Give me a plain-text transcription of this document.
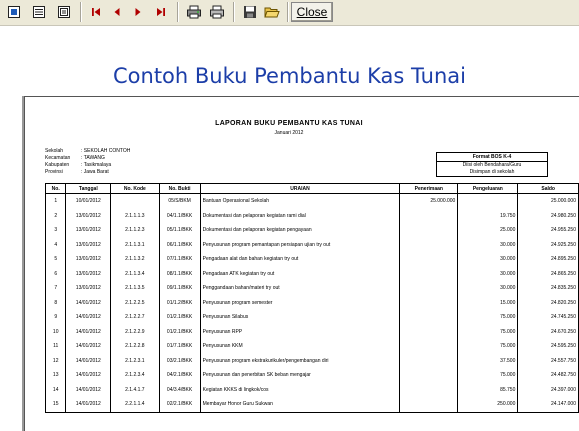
Close
Contoh Buku Pembantu Kas Tunai
LAPORAN BUKU PEMBANTU KAS TUNAI
Januari 2012
Sekolah	: SEKOLAH CONTOH
Kecamatan : TAWANG
Kabupaten : Tasikmalaya
Provinsi	: Jawa Barat
Format BOS K-4
Diisi oleh Bendahara/Guru
Disimpan di sekolah
No.	Tanggal	No. Kode	No. Bukti	URAIAN	Penerimaan	Pengeluaran	Saldo
1	10/01/2012		05/S/BKM	Bantuan Operasional Sekolah	25.000.000		25.000.000
2	13/01/2012	2.1.1.1.3	04/1.1/BKK	Dokumentasi dan pelaporan kegiatan rami dial		19.750	24.980.250
3	13/01/2012	2.1.1.2.3	05/1.1/BKK	Dokumentasi dan pelaporan kegiatan pengayaan		25.000	24.955.250
4	13/01/2012	2.1.1.3.1	06/1.1/BKK	Penyusunan program pemantapan persiapan ujian try out		30.000	24.925.250
5	13/01/2012	2.1.1.3.2	07/1.1/BKK	Pengadaan alat dan bahan kegiatan try out		30.000	24.895.250
6	13/01/2012	2.1.1.3.4	08/1.1/BKK	Pengadaan ATK kegiatan try out		30.000	24.865.250
7	13/01/2012	2.1.1.3.5	09/1.1/BKK	Penggandaan bahan/materi try out		30.000	24.835.250
8	14/01/2012	2.1.2.2.5	01/1.2/BKK	Penyusunan program semester		15.000	24.820.250
9	14/01/2012	2.1.2.2.7	01/2.1/BKK	Penyusunan Silabus		75.000	24.745.250
10	14/01/2012	2.1.2.2.9	01/2.1/BKK	Penyusunan RPP		75.000	24.670.250
11	14/01/2012	2.1.2.2.8	01/7.1/BKK	Penyusunan KKM		75.000	24.595.250
12	14/01/2012	2.1.2.3.1	03/2.1/BKK	Penyusunan program ekstrakurikuler/pengembangan diri		37.500	24.557.750
13	14/01/2012	2.1.2.3.4	04/2.1/BKK	Penyusunan dan penerbitan SK beban mengajar		75.000	24.482.750
14	14/01/2012	2.1.4.1.7	04/3.4/BKK	Kegiatan KKKS di lingkok/cos		85.750	24.397.000
15	14/01/2012	2.2.1.1.4	02/2.1/BKK	Membayar Honor Guru Sukwan		250.000	24.147.000
